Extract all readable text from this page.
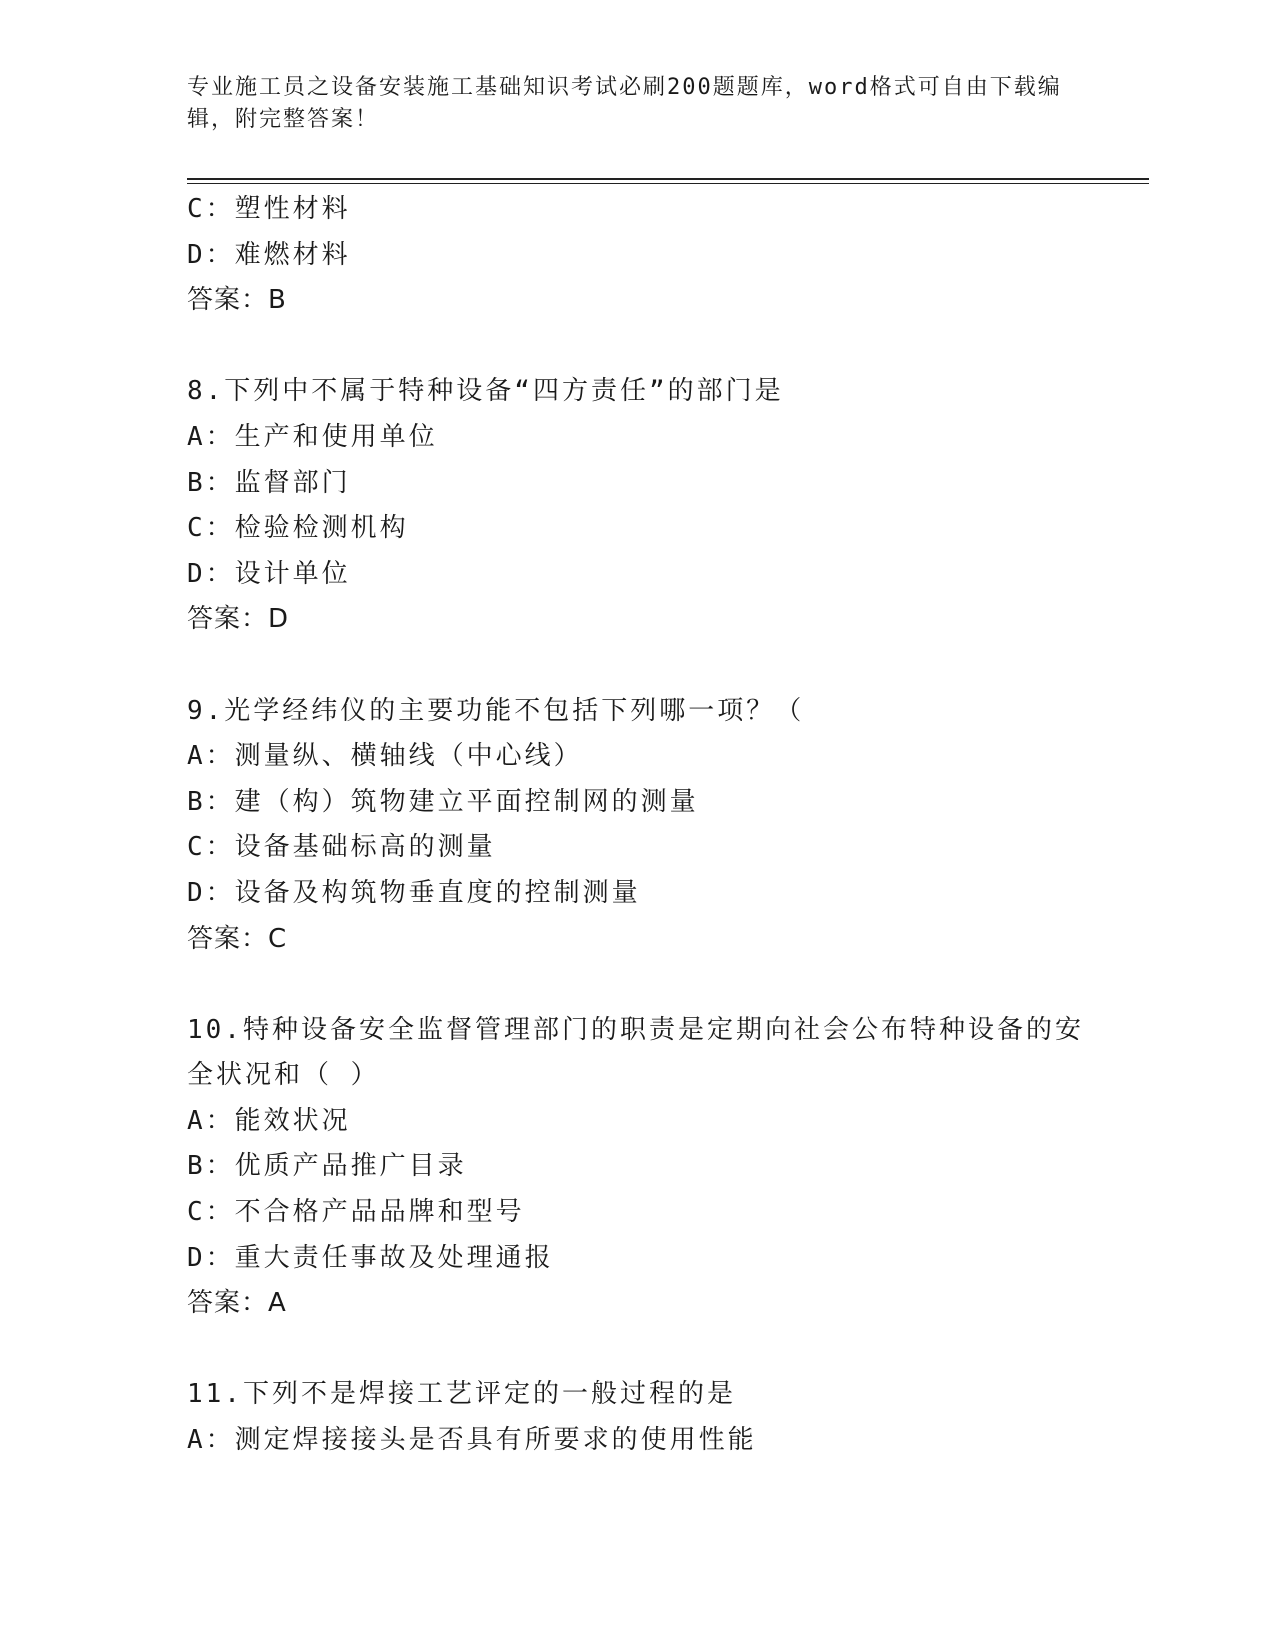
专业施工员之设备安装施工基础知识考试必刷200题题库，word格式可自由下载编辑，附完整答案！
C：塑性材料
D：难燃材料
答案：B
8.下列中不属于特种设备“四方责任”的部门是
A：生产和使用单位
B：监督部门
C：检验检测机构
D：设计单位
答案：D
9.光学经纬仪的主要功能不包括下列哪一项？（
A：测量纵、横轴线（中心线）
B：建（构）筑物建立平面控制网的测量
C：设备基础标高的测量
D：设备及构筑物垂直度的控制测量
答案：C
10.特种设备安全监督管理部门的职责是定期向社会公布特种设备的安全状况和（ ）
A：能效状况
B：优质产品推广目录
C：不合格产品品牌和型号
D：重大责任事故及处理通报
答案：A
11.下列不是焊接工艺评定的一般过程的是
A：测定焊接接头是否具有所要求的使用性能
